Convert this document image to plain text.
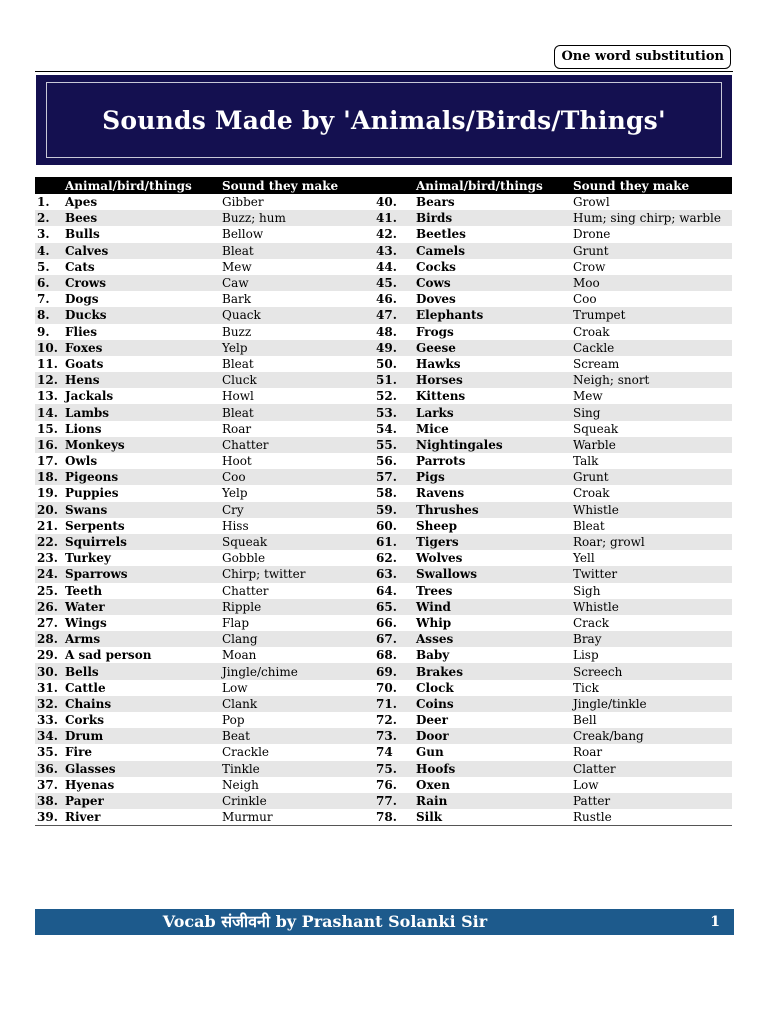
One word substitution
Sounds Made by 'Animals/Birds/Things'
	Animal/bird/things	Sound they make		Animal/bird/things	Sound they make
1.	Apes	Gibber	40.	Bears	Growl
2.	Bees	Buzz; hum	41.	Birds	Hum; sing chirp; warble
3.	Bulls	Bellow	42.	Beetles	Drone
4.	Calves	Bleat	43.	Camels	Grunt
5.	Cats	Mew	44.	Cocks	Crow
6.	Crows	Caw	45.	Cows	Moo
7.	Dogs	Bark	46.	Doves	Coo
8.	Ducks	Quack	47.	Elephants	Trumpet
9.	Flies	Buzz	48.	Frogs	Croak
10.	Foxes	Yelp	49.	Geese	Cackle
11.	Goats	Bleat	50.	Hawks	Scream
12.	Hens	Cluck	51.	Horses	Neigh; snort
13.	Jackals	Howl	52.	Kittens	Mew
14.	Lambs	Bleat	53.	Larks	Sing
15.	Lions	Roar	54.	Mice	Squeak
16.	Monkeys	Chatter	55.	Nightingales	Warble
17.	Owls	Hoot	56.	Parrots	Talk
18.	Pigeons	Coo	57.	Pigs	Grunt
19.	Puppies	Yelp	58.	Ravens	Croak
20.	Swans	Cry	59.	Thrushes	Whistle
21.	Serpents	Hiss	60.	Sheep	Bleat
22.	Squirrels	Squeak	61.	Tigers	Roar; growl
23.	Turkey	Gobble	62.	Wolves	Yell
24.	Sparrows	Chirp; twitter	63.	Swallows	Twitter
25.	Teeth	Chatter	64.	Trees	Sigh
26.	Water	Ripple	65.	Wind	Whistle
27.	Wings	Flap	66.	Whip	Crack
28.	Arms	Clang	67.	Asses	Bray
29.	A sad person	Moan	68.	Baby	Lisp
30.	Bells	Jingle/chime	69.	Brakes	Screech
31.	Cattle	Low	70.	Clock	Tick
32.	Chains	Clank	71.	Coins	Jingle/tinkle
33.	Corks	Pop	72.	Deer	Bell
34.	Drum	Beat	73.	Door	Creak/bang
35.	Fire	Crackle	74	Gun	Roar
36.	Glasses	Tinkle	75.	Hoofs	Clatter
37.	Hyenas	Neigh	76.	Oxen	Low
38.	Paper	Crinkle	77.	Rain	Patter
39.	River	Murmur	78.	Silk	Rustle
Vocab संजीवनी by Prashant Solanki Sir	1
